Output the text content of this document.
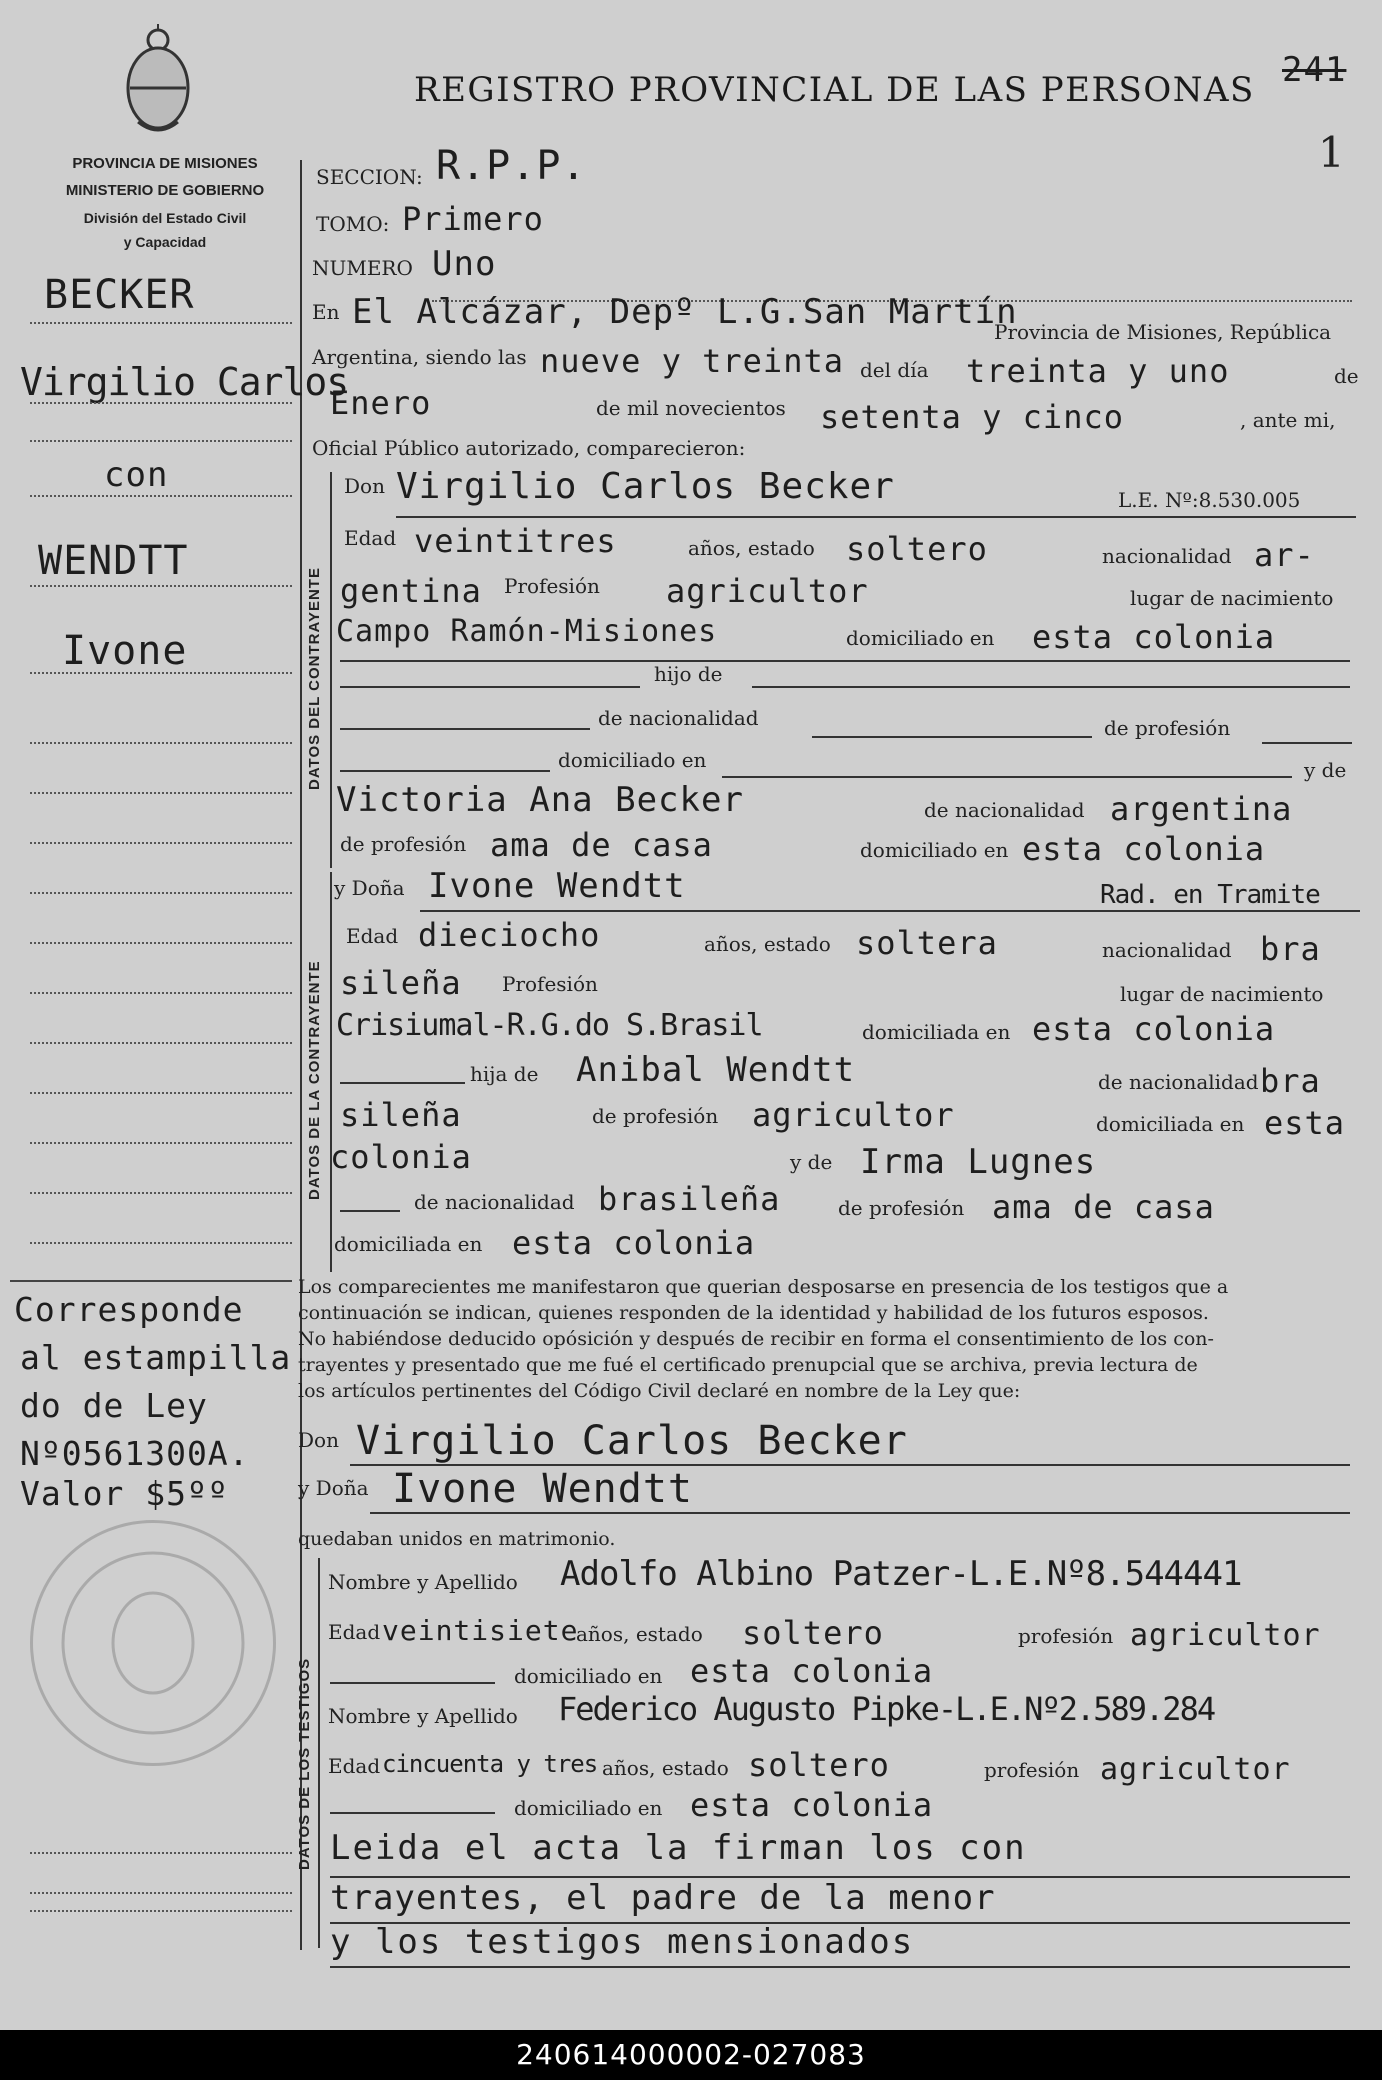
REGISTRO PROVINCIAL DE LAS PERSONAS 241
1
PROVINCIA DE MISIONES
MINISTERIO DE GOBIERNO
División del Estado Civil
y Capacidad
BECKER
Virgilio Carlos
con
WENDTT
Ivone
Corresponde
al estampilla
do de Ley
Nº0561300A.
Valor $5ºº
SECCION: R.P.P.
TOMO: Primero
NUMERO Uno
En El Alcázar, Depº L.G.San Martín
Provincia de Misiones, República
Argentina, siendo las nueve y treinta del día treinta y uno	de
Enero	de mil novecientos setenta y cinco	, ante mi,
Oficial Público autorizado, comparecieron:
DATOS DEL CONTRAYENTE
Don Virgilio Carlos Becker	L.E. Nº:8.530.005
Edad veintitres	años, estado soltero	nacionalidad ar-
gentina Profesión agricultor	lugar de nacimiento
Campo Ramón-Misiones	domiciliado en esta colonia
hijo de
de nacionalidad	de profesión
domiciliado en	y de
Victoria Ana Becker	de nacionalidad argentina
de profesión ama de casa	domiciliado en esta colonia
DATOS DE LA CONTRAYENTE
y Doña Ivone Wendtt	Rad. en Tramite
Edad dieciocho	años, estado soltera	nacionalidad bra
sileña Profesión	lugar de nacimiento
Crisiumal-R.G.do S.Brasil	domiciliada en esta colonia
hija de Anibal Wendtt	de nacionalidad bra
sileña	de profesión agricultor	domiciliada en esta
colonia	y de Irma Lugnes
de nacionalidad brasileña	de profesión ama de casa
domiciliada en esta colonia
Los comparecientes me manifestaron que querian desposarse en presencia de los testigos que a
continuación se indican, quienes responden de la identidad y habilidad de los futuros esposos.
No habiéndose deducido opósición y después de recibir en forma el consentimiento de los con-
trayentes y presentado que me fué el certificado prenupcial que se archiva, previa lectura de
los artículos pertinentes del Código Civil declaré en nombre de la Ley que:
Don Virgilio Carlos Becker
y Doña Ivone Wendtt
quedaban unidos en matrimonio.
DATOS DE LOS TESTIGOS
Nombre y Apellido Adolfo Albino Patzer-L.E.Nº8.544441
Edad veintisiete
años, estado soltero	profesión agricultor
domiciliado en esta colonia
Nombre y Apellido Federico Augusto Pipke-L.E.Nº2.589.284
Edad cincuenta y tres años, estado soltero	profesión agricultor
domiciliado en esta colonia
Leida el acta la firman los con
trayentes, el padre de la menor
y los testigos mensionados
240614000002-027083
